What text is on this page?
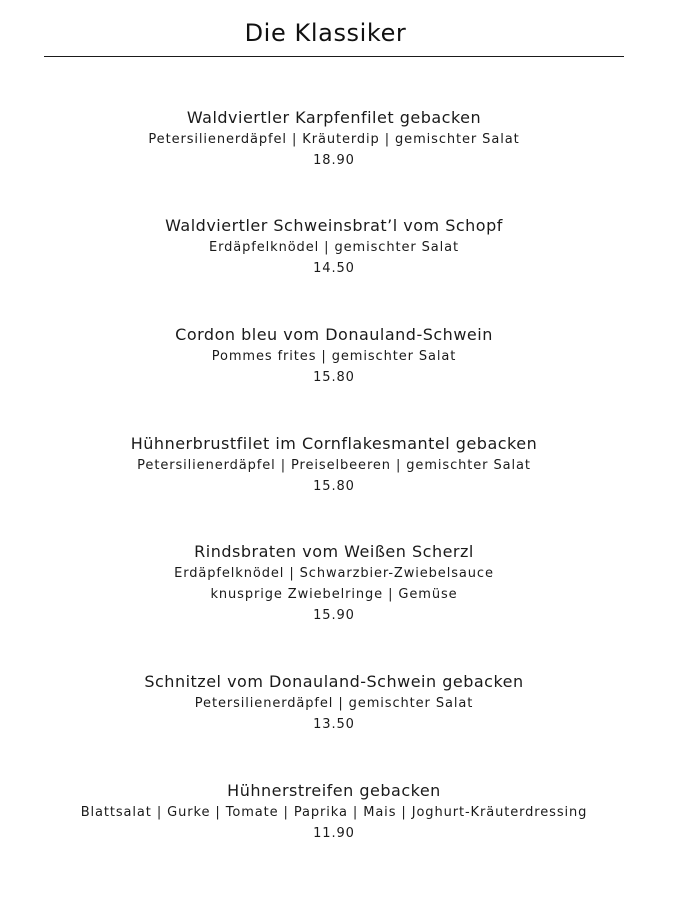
Die Klassiker
Waldviertler Karpfenfilet gebacken
Petersilienerdäpfel | Kräuterdip | gemischter Salat
18.90
Waldviertler Schweinsbrat’l vom Schopf
Erdäpfelknödel | gemischter Salat
14.50
Cordon bleu vom Donauland-Schwein
Pommes frites | gemischter Salat
15.80
Hühnerbrustfilet im Cornflakesmantel gebacken
Petersilienerdäpfel | Preiselbeeren | gemischter Salat
15.80
Rindsbraten vom Weißen Scherzl
Erdäpfelknödel | Schwarzbier-Zwiebelsauce
knusprige Zwiebelringe | Gemüse
15.90
Schnitzel vom Donauland-Schwein gebacken
Petersilienerdäpfel | gemischter Salat
13.50
Hühnerstreifen gebacken
Blattsalat | Gurke | Tomate | Paprika | Mais | Joghurt-Kräuterdressing
11.90
